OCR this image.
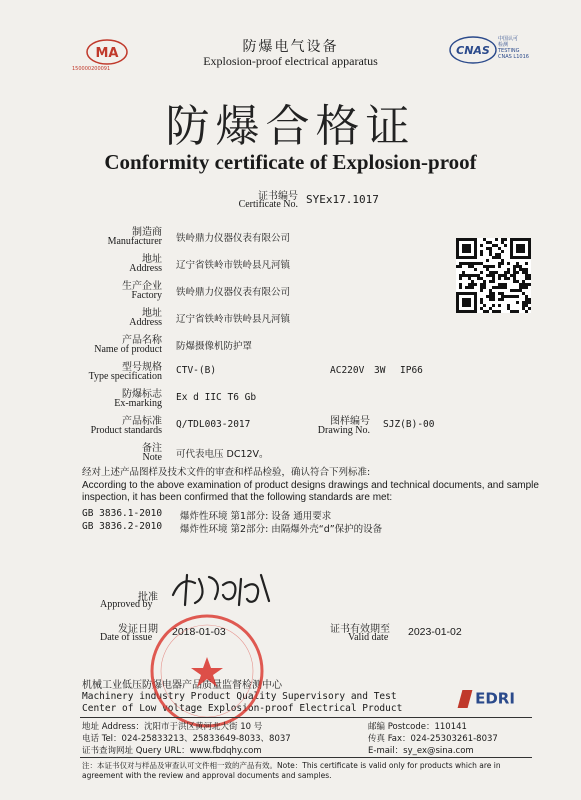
MA
150000200091
防爆电气设备
Explosion-proof electrical apparatus
CNAS
中国认可
检测
TESTING
CNAS L1016
防爆合格证
Conformity certificate of Explosion-proof
证书编号
Certificate No. SYEx17.1017
制造商
Manufacturer 铁岭鼎力仪器仪表有限公司
地址
Address 辽宁省铁岭市铁岭县凡河镇
生产企业
Factory 铁岭鼎力仪器仪表有限公司
地址
Address 辽宁省铁岭市铁岭县凡河镇
产品名称
Name of product 防爆摄像机防护罩
型号规格
Type specification
CTV-(B)	AC220V 3W IP66
防爆标志
Ex-marking
Ex d IIC T6 Gb
产品标准
Product standards
Q/TDL003-2017	图样编号
Drawing No.
SJZ(B)-00
备注
Note 可代表电压 DC12V。
经对上述产品图样及技术文件的审查和样品检验，确认符合下列标准:
According to the above examination of product designs drawings and technical documents, and sample
inspection, it has been confirmed that the following standards are met:
GB 3836.1-2010 爆炸性环境 第1部分: 设备 通用要求
GB 3836.2-2010 爆炸性环境 第2部分: 由隔爆外壳“d”保护的设备
批准
Approved by
发证日期
Date of issue 2018-01-03	证书有效期至
Valid date 2023-01-02
机械工业低压防爆电器产品质量监督检测中心
Machinery industry Product Quality Supervisory and Test
Center of Low voltage Explosion-proof Electrical Product
EDRI
地址 Address：沈阳市于洪区黄河北大街 10 号	邮编 Postcode：110141
电话 Tel：024-25833213、25833649-8033、8037	传真 Fax：024-25303261-8037
证书查询网址 Query URL：www.fbdqhy.com	E-mail：sy_ex@sina.com
注：本证书仅对与样品及审查认可文件相一致的产品有效。Note：This certificate is valid only for products which are in
agreement with the review and approval documents and samples.
